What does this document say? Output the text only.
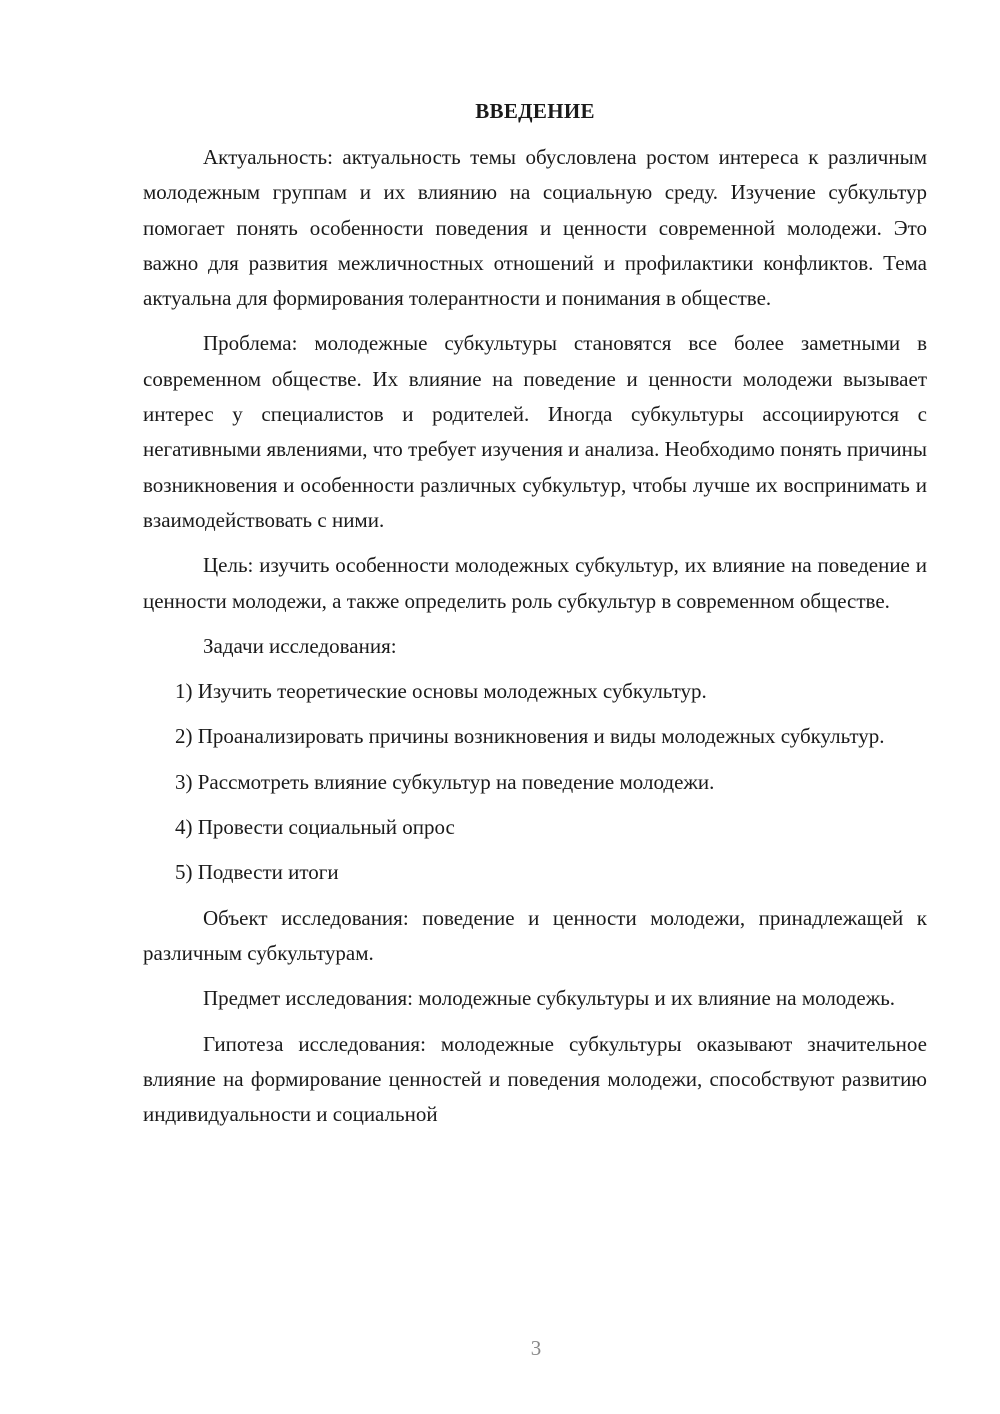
ВВЕДЕНИЕ

Актуальность: актуальность темы обусловлена ростом интереса к различным молодежным группам и их влиянию на социальную среду. Изучение субкультур помогает понять особенности поведения и ценности современной молодежи. Это важно для развития межличностных отношений и профилактики конфликтов. Тема актуальна для формирования толерантности и понимания в обществе.

Проблема: молодежные субкультуры становятся все более заметными в современном обществе. Их влияние на поведение и ценности молодежи вызывает интерес у специалистов и родителей. Иногда субкультуры ассоциируются с негативными явлениями, что требует изучения и анализа. Необходимо понять причины возникновения и особенности различных субкультур, чтобы лучше их воспринимать и взаимодействовать с ними.

Цель: изучить особенности молодежных субкультур, их влияние на поведение и ценности молодежи, а также определить роль субкультур в современном обществе.

Задачи исследования:

1) Изучить теоретические основы молодежных субкультур.

2) Проанализировать причины возникновения и виды молодежных субкультур.

3) Рассмотреть влияние субкультур на поведение молодежи.

4) Провести социальный опрос

5) Подвести итоги

Объект исследования: поведение и ценности молодежи, принадлежащей к различным субкультурам.

Предмет исследования: молодежные субкультуры и их влияние на молодежь.

Гипотеза исследования: молодежные субкультуры оказывают значительное влияние на формирование ценностей и поведения молодежи, способствуют развитию индивидуальности и социальной

3
